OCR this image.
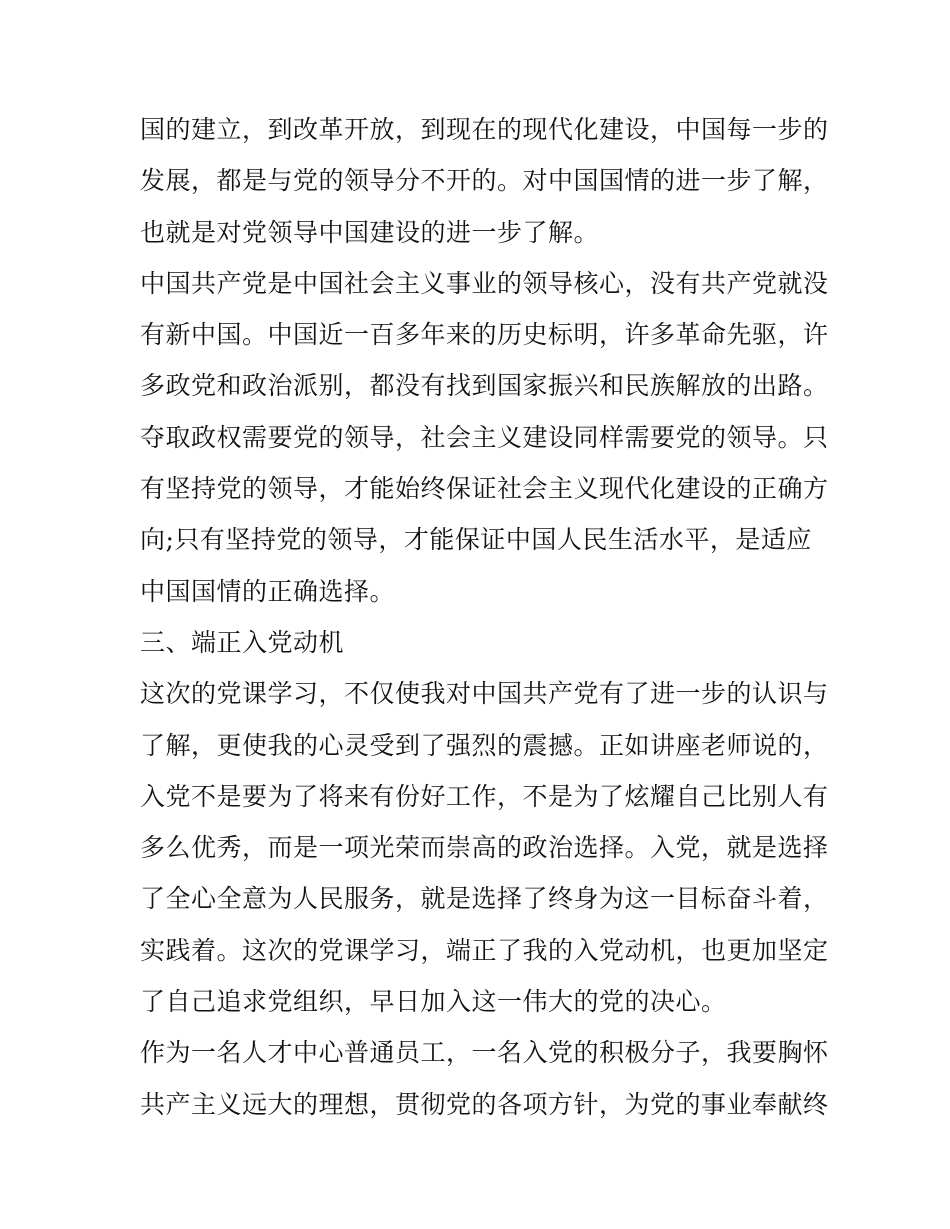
国的建立，到改革开放，到现在的现代化建设，中国每一步的
发展，都是与党的领导分不开的。对中国国情的进一步了解，
也就是对党领导中国建设的进一步了解。
中国共产党是中国社会主义事业的领导核心，没有共产党就没
有新中国。中国近一百多年来的历史标明，许多革命先驱，许
多政党和政治派别，都没有找到国家振兴和民族解放的出路。
夺取政权需要党的领导，社会主义建设同样需要党的领导。只
有坚持党的领导，才能始终保证社会主义现代化建设的正确方
向;只有坚持党的领导，才能保证中国人民生活水平，是适应
中国国情的正确选择。
三、端正入党动机
这次的党课学习，不仅使我对中国共产党有了进一步的认识与
了解，更使我的心灵受到了强烈的震撼。正如讲座老师说的，
入党不是要为了将来有份好工作，不是为了炫耀自己比别人有
多么优秀，而是一项光荣而崇高的政治选择。入党，就是选择
了全心全意为人民服务，就是选择了终身为这一目标奋斗着，
实践着。这次的党课学习，端正了我的入党动机，也更加坚定
了自己追求党组织，早日加入这一伟大的党的决心。
作为一名人才中心普通员工，一名入党的积极分子，我要胸怀
共产主义远大的理想，贯彻党的各项方针，为党的事业奉献终
